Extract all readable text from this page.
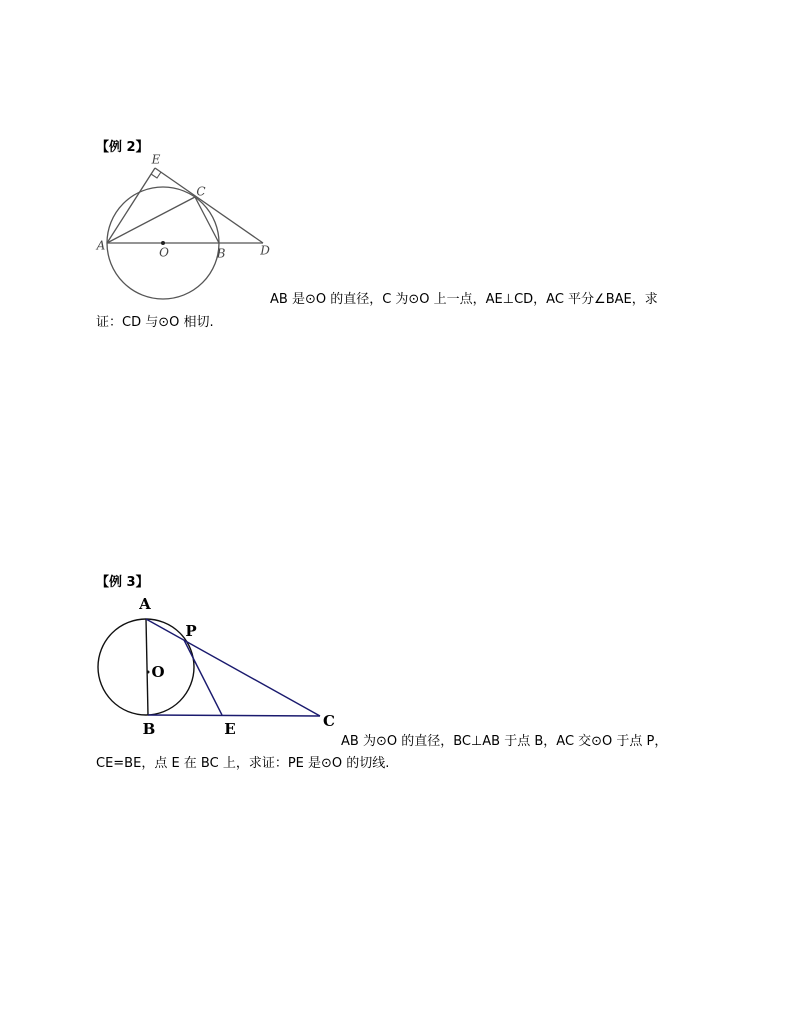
【例 2】
E
C
A	O	B	D
A
P
O
B	E	C
AB 是⊙O 的直径，C 为⊙O 上一点，AE⊥CD，AC 平分∠BAE，求
证：CD 与⊙O 相切.
【例 3】
AB 为⊙O 的直径，BC⊥AB 于点 B，AC 交⊙O 于点 P，
CE=BE，点 E 在 BC 上，求证：PE 是⊙O 的切线.
